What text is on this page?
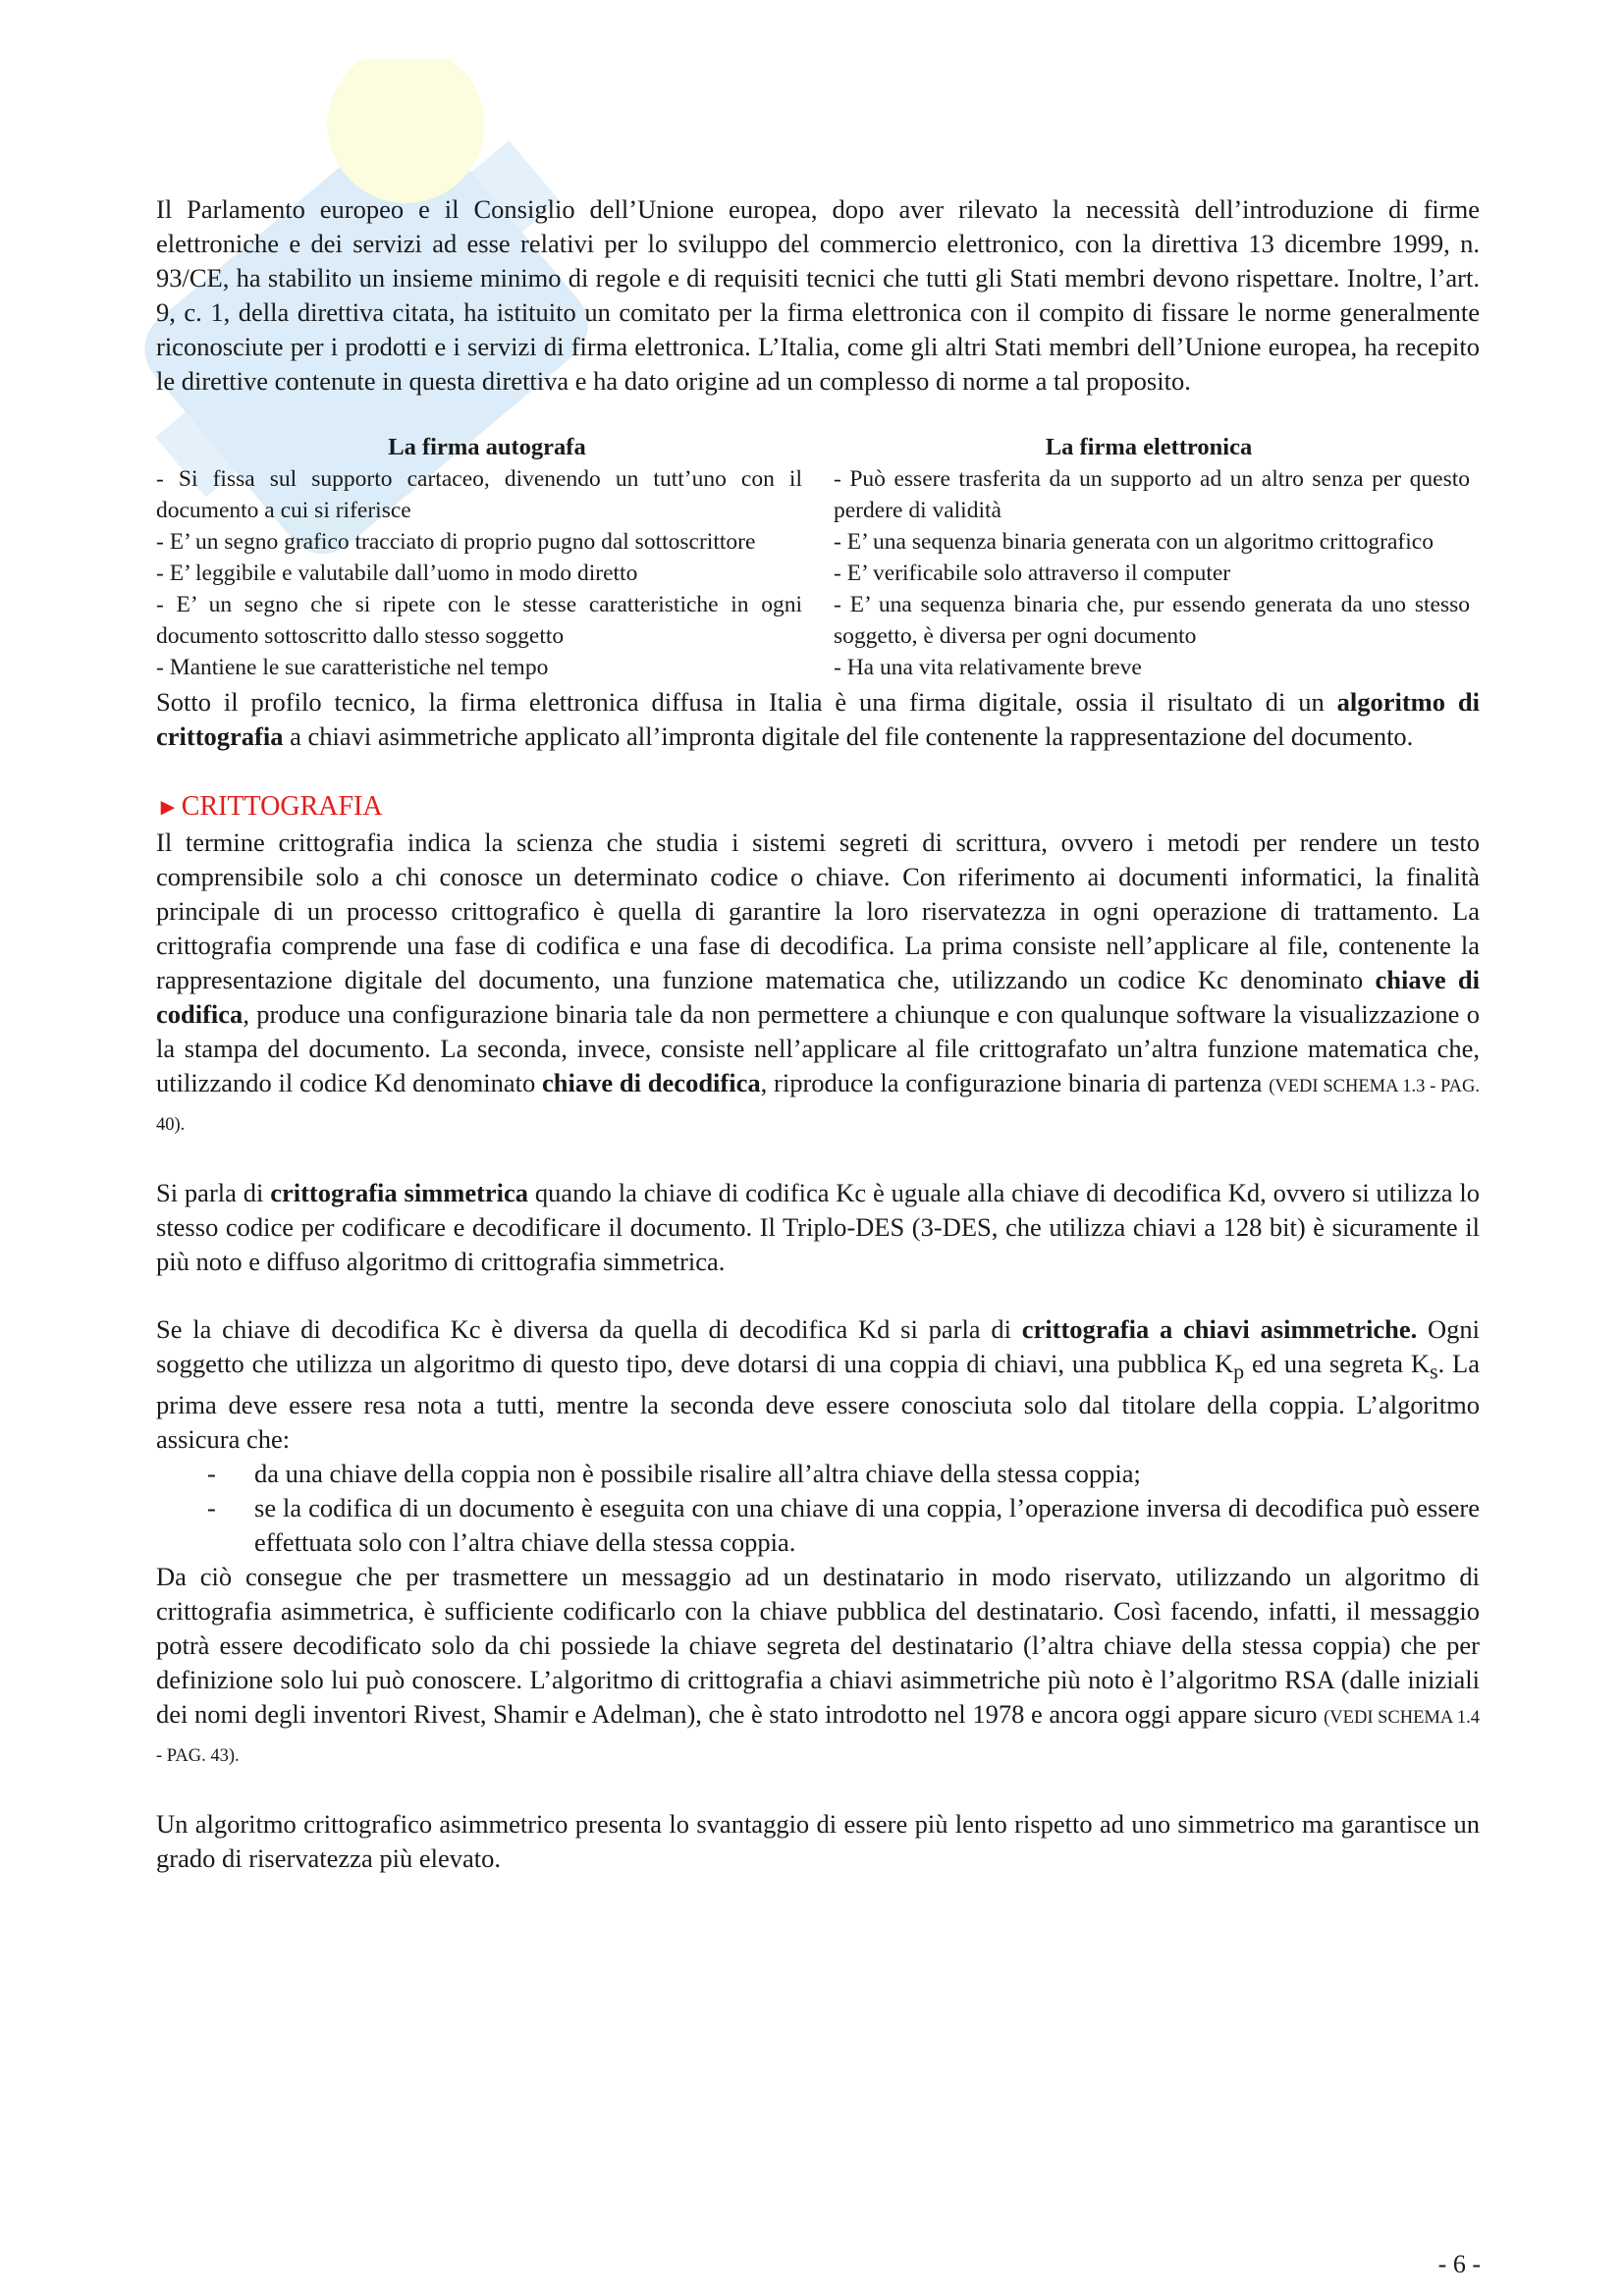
Il Parlamento europeo e il Consiglio dell’Unione europea, dopo aver rilevato la necessità dell’introduzione di firme elettroniche e dei servizi ad esse relativi per lo sviluppo del commercio elettronico, con la direttiva 13 dicembre 1999, n. 93/CE, ha stabilito un insieme minimo di regole e di requisiti tecnici che tutti gli Stati membri devono rispettare. Inoltre, l’art. 9, c. 1, della direttiva citata, ha istituito un comitato per la firma elettronica con il compito di fissare le norme generalmente riconosciute per i prodotti e i servizi di firma elettronica. L’Italia, come gli altri Stati membri dell’Unione europea, ha recepito le direttive contenute in questa direttiva e ha dato origine ad un complesso di norme a tal proposito.

La firma autografa	La firma elettronica
- Si fissa sul supporto cartaceo, divenendo un tutt’uno con il documento a cui si riferisce	- Può essere trasferita da un supporto ad un altro senza per questo perdere di validità
- E’ un segno grafico tracciato di proprio pugno dal sottoscrittore	- E’ una sequenza binaria generata con un algoritmo crittografico
- E’ leggibile e valutabile dall’uomo in modo diretto	- E’ verificabile solo attraverso il computer
- E’ un segno che si ripete con le stesse caratteristiche in ogni documento sottoscritto dallo stesso soggetto	- E’ una sequenza binaria che, pur essendo generata da uno stesso soggetto, è diversa per ogni documento
- Mantiene le sue caratteristiche nel tempo	- Ha una vita relativamente breve

Sotto il profilo tecnico, la firma elettronica diffusa in Italia è una firma digitale, ossia il risultato di un algoritmo di crittografia a chiavi asimmetriche applicato all’impronta digitale del file contenente la rappresentazione del documento.

►CRITTOGRAFIA

Il termine crittografia indica la scienza che studia i sistemi segreti di scrittura, ovvero i metodi per rendere un testo comprensibile solo a chi conosce un determinato codice o chiave. Con riferimento ai documenti informatici, la finalità principale di un processo crittografico è quella di garantire la loro riservatezza in ogni operazione di trattamento. La crittografia comprende una fase di codifica e una fase di decodifica. La prima consiste nell’applicare al file, contenente la rappresentazione digitale del documento, una funzione matematica che, utilizzando un codice Kc denominato chiave di codifica, produce una configurazione binaria tale da non permettere a chiunque e con qualunque software la visualizzazione o la stampa del documento. La seconda, invece, consiste nell’applicare al file crittografato un’altra funzione matematica che, utilizzando il codice Kd denominato chiave di decodifica, riproduce la configurazione binaria di partenza (VEDI SCHEMA 1.3 - PAG. 40).

Si parla di crittografia simmetrica quando la chiave di codifica Kc è uguale alla chiave di decodifica Kd, ovvero si utilizza lo stesso codice per codificare e decodificare il documento. Il Triplo-DES (3-DES, che utilizza chiavi a 128 bit) è sicuramente il più noto e diffuso algoritmo di crittografia simmetrica.

Se la chiave di decodifica Kc è diversa da quella di decodifica Kd si parla di crittografia a chiavi asimmetriche. Ogni soggetto che utilizza un algoritmo di questo tipo, deve dotarsi di una coppia di chiavi, una pubblica $K_p$ ed una segreta $K_s$. La prima deve essere resa nota a tutti, mentre la seconda deve essere conosciuta solo dal titolare della coppia. L’algoritmo assicura che:

- da una chiave della coppia non è possibile risalire all’altra chiave della stessa coppia;
- se la codifica di un documento è eseguita con una chiave di una coppia, l’operazione inversa di decodifica può essere effettuata solo con l’altra chiave della stessa coppia.

Da ciò consegue che per trasmettere un messaggio ad un destinatario in modo riservato, utilizzando un algoritmo di crittografia asimmetrica, è sufficiente codificarlo con la chiave pubblica del destinatario. Così facendo, infatti, il messaggio potrà essere decodificato solo da chi possiede la chiave segreta del destinatario (l’altra chiave della stessa coppia) che per definizione solo lui può conoscere. L’algoritmo di crittografia a chiavi asimmetriche più noto è l’algoritmo RSA (dalle iniziali dei nomi degli inventori Rivest, Shamir e Adelman), che è stato introdotto nel 1978 e ancora oggi appare sicuro (VEDI SCHEMA 1.4 - PAG. 43).

Un algoritmo crittografico asimmetrico presenta lo svantaggio di essere più lento rispetto ad uno simmetrico ma garantisce un grado di riservatezza più elevato.

- 6 -
